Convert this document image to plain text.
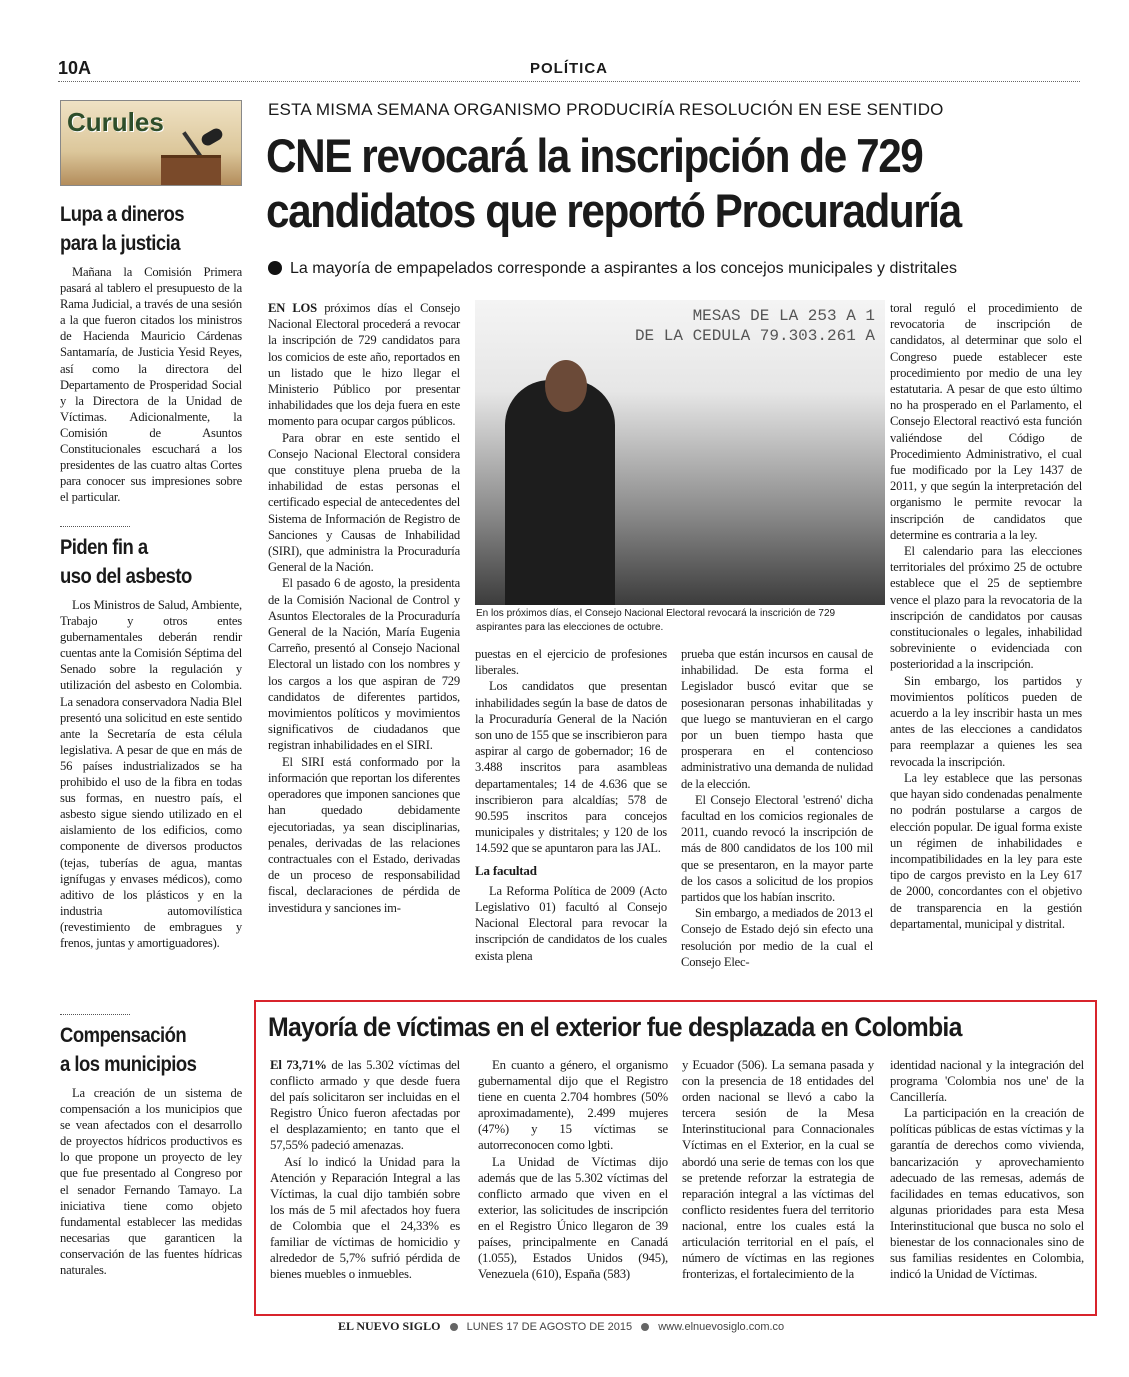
10A	POLÍTICA
Curules
Lupa a dineros
para la justicia

Mañana la Comisión Primera pasará al tablero el presupuesto de la Rama Judicial, a través de una sesión a la que fueron citados los ministros de Hacienda Mauricio Cárdenas Santamaría, de Justicia Yesid Reyes, así como la directora del Departamento de Prosperidad Social y la Directora de la Unidad de Víctimas. Adicionalmente, la Comisión de Asuntos Constitucionales escuchará a los presidentes de las cuatro altas Cortes para conocer sus impresiones sobre el particular.

Piden fin a
uso del asbesto

Los Ministros de Salud, Ambiente, Trabajo y otros entes gubernamentales deberán rendir cuentas ante la Comisión Séptima del Senado sobre la regulación y utilización del asbesto en Colombia. La senadora conservadora Nadia Blel presentó una solicitud en este sentido ante la Secretaría de esta célula legislativa. A pesar de que en más de 56 países industrializados se ha prohibido el uso de la fibra en todas sus formas, en nuestro país, el asbesto sigue siendo utilizado en el aislamiento de los edificios, como componente de diversos productos (tejas, tuberías de agua, mantas ignífugas y envases médicos), como aditivo de los plásticos y en la industria automovilística (revestimiento de embragues y frenos, juntas y amortiguadores).

Compensación
a los municipios

La creación de un sistema de compensación a los municipios que se vean afectados con el desarrollo de proyectos hídricos productivos es lo que propone un proyecto de ley que fue presentado al Congreso por el senador Fernando Tamayo. La iniciativa tiene como objeto fundamental establecer las medidas necesarias que garanticen la conservación de las fuentes hídricas naturales.

ESTA MISMA SEMANA ORGANISMO PRODUCIRÍA RESOLUCIÓN EN ESE SENTIDO
CNE revocará la inscripción de 729
candidatos que reportó Procuraduría
La mayoría de empapelados corresponde a aspirantes a los concejos municipales y distritales

EN LOS próximos días el Consejo Nacional Electoral procederá a revocar la inscripción de 729 candidatos para los comicios de este año, reportados en un listado que le hizo llegar el Ministerio Público por presentar inhabilidades que los deja fuera en este momento para ocupar cargos públicos.

Para obrar en este sentido el Consejo Nacional Electoral considera que constituye plena prueba de la inhabilidad de estas personas el certificado especial de antecedentes del Sistema de Información de Registro de Sanciones y Causas de Inhabilidad (SIRI), que administra la Procuraduría General de la Nación.

El pasado 6 de agosto, la presidenta de la Comisión Nacional de Control y Asuntos Electorales de la Procuraduría General de la Nación, María Eugenia Carreño, presentó al Consejo Nacional Electoral un listado con los nombres y los cargos a los que aspiran de 729 candidatos de diferentes partidos, movimientos políticos y movimientos significativos de ciudadanos que registran inhabilidades en el SIRI.

El SIRI está conformado por la información que reportan los diferentes operadores que imponen sanciones que han quedado debidamente ejecutoriadas, ya sean disciplinarias, penales, derivadas de las relaciones contractuales con el Estado, derivadas de un proceso de responsabilidad fiscal, declaraciones de pérdida de investidura y sanciones im-

MESAS DE LA 253 A 1
DE LA CEDULA 79.303.261 A
En los próximos días, el Consejo Nacional Electoral revocará la inscrición de 729 aspirantes para las elecciones de octubre.

puestas en el ejercicio de profesiones liberales.

Los candidatos que presentan inhabilidades según la base de datos de la Procuraduría General de la Nación son uno de 155 que se inscribieron para aspirar al cargo de gobernador; 16 de 3.488 inscritos para asambleas departamentales; 14 de 4.636 que se inscribieron para alcaldías; 578 de 90.595 inscritos para concejos municipales y distritales; y 120 de los 14.592 que se apuntaron para las JAL.

La facultad

La Reforma Política de 2009 (Acto Legislativo 01) facultó al Consejo Nacional Electoral para revocar la inscripción de candidatos de los cuales exista plena

prueba que están incursos en causal de inhabilidad. De esta forma el Legislador buscó evitar que se posesionaran personas inhabilitadas y que luego se mantuvieran en el cargo por un buen tiempo hasta que prosperara en el contencioso administrativo una demanda de nulidad de la elección.

El Consejo Electoral 'estrenó' dicha facultad en los comicios regionales de 2011, cuando revocó la inscripción de más de 800 candidatos de los 100 mil que se presentaron, en la mayor parte de los casos a solicitud de los propios partidos que los habían inscrito.

Sin embargo, a mediados de 2013 el Consejo de Estado dejó sin efecto una resolución por medio de la cual el Consejo Elec-

toral reguló el procedimiento de revocatoria de inscripción de candidatos, al determinar que solo el Congreso puede establecer este procedimiento por medio de una ley estatutaria. A pesar de que esto último no ha prosperado en el Parlamento, el Consejo Electoral reactivó esta función valiéndose del Código de Procedimiento Administrativo, el cual fue modificado por la Ley 1437 de 2011, y que según la interpretación del organismo le permite revocar la inscripción de candidatos que determine es contraria a la ley.

El calendario para las elecciones territoriales del próximo 25 de octubre establece que el 25 de septiembre vence el plazo para la revocatoria de la inscripción de candidatos por causas constitucionales o legales, inhabilidad sobreviniente o evidenciada con posterioridad a la inscripción.

Sin embargo, los partidos y movimientos políticos pueden de acuerdo a la ley inscribir hasta un mes antes de las elecciones a candidatos para reemplazar a quienes les sea revocada la inscripción.

La ley establece que las personas que hayan sido condenadas penalmente no podrán postularse a cargos de elección popular. De igual forma existe un régimen de inhabilidades e incompatibilidades en la ley para este tipo de cargos previsto en la Ley 617 de 2000, concordantes con el objetivo de transparencia en la gestión departamental, municipal y distrital.

Mayoría de víctimas en el exterior fue desplazada en Colombia

El 73,71% de las 5.302 víctimas del conflicto armado y que desde fuera del país solicitaron ser incluidas en el Registro Único fueron afectadas por el desplazamiento; en tanto que el 57,55% padeció amenazas.

Así lo indicó la Unidad para la Atención y Reparación Integral a las Víctimas, la cual dijo también sobre los más de 5 mil afectados hoy fuera de Colombia que el 24,33% es familiar de víctimas de homicidio y alrededor de 5,7% sufrió pérdida de bienes muebles o inmuebles.

En cuanto a género, el organismo gubernamental dijo que el Registro tiene en cuenta 2.704 hombres (50% aproximadamente), 2.499 mujeres (47%) y 15 víctimas se autorreconocen como lgbti.

La Unidad de Víctimas dijo además que de las 5.302 víctimas del conflicto armado que viven en el exterior, las solicitudes de inscripción en el Registro Único llegaron de 39 países, principalmente en Canadá (1.055), Estados Unidos (945), Venezuela (610), España (583)

y Ecuador (506). La semana pasada y con la presencia de 18 entidades del orden nacional se llevó a cabo la tercera sesión de la Mesa Interinstitucional para Connacionales Víctimas en el Exterior, en la cual se abordó una serie de temas con los que se pretende reforzar la estrategia de reparación integral a las víctimas del conflicto residentes fuera del territorio nacional, entre los cuales está la articulación territorial en el país, el número de víctimas en las regiones fronterizas, el fortalecimiento de la

identidad nacional y la integración del programa 'Colombia nos une' de la Cancillería.

La participación en la creación de políticas públicas de estas víctimas y la garantía de derechos como vivienda, bancarización y aprovechamiento adecuado de las remesas, además de facilidades en temas educativos, son algunas prioridades para esta Mesa Interinstitucional que busca no solo el bienestar de los connacionales sino de sus familias residentes en Colombia, indicó la Unidad de Víctimas.

EL NUEVO SIGLO LUNES 17 DE AGOSTO DE 2015 www.elnuevosiglo.com.co
